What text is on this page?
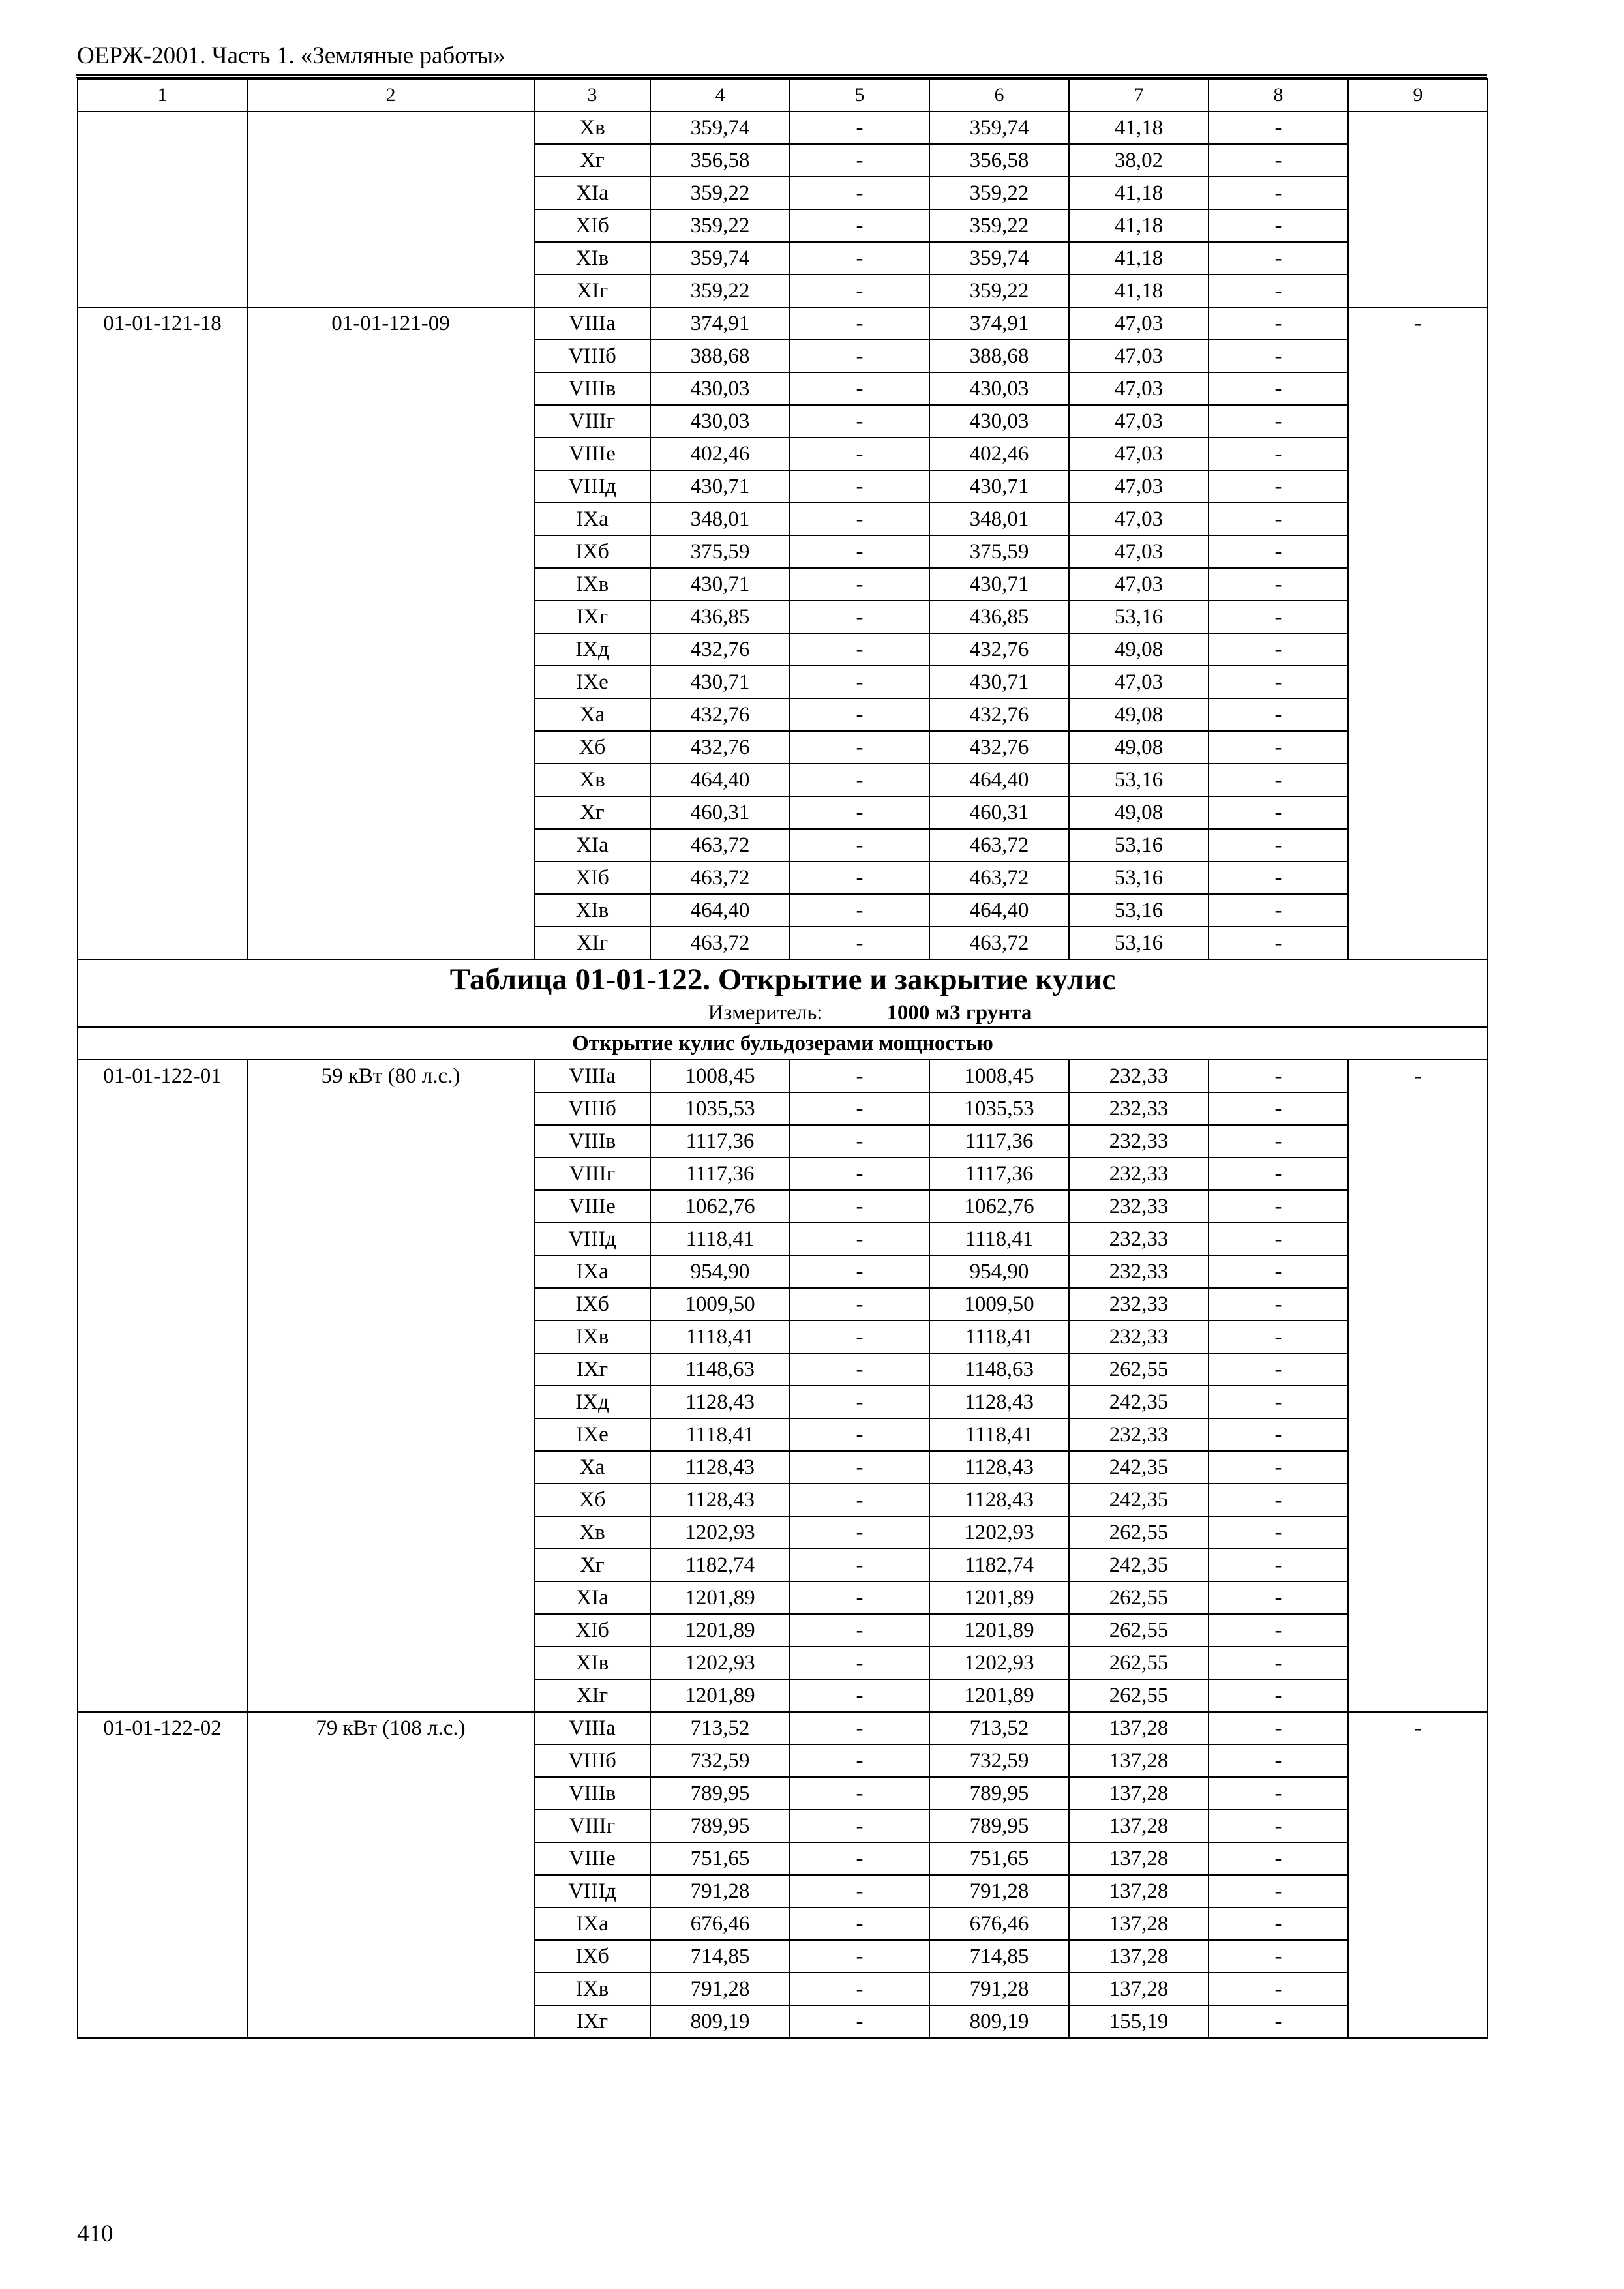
ОЕРЖ-2001. Часть 1. «Земляные работы»
1	2	3	4	5	6	7	8	9
		Xв	359,74	-	359,74	41,18	-	
		Xг	356,58	-	356,58	38,02	-	
		XIa	359,22	-	359,22	41,18	-	
		XIб	359,22	-	359,22	41,18	-	
		XIв	359,74	-	359,74	41,18	-	
		XIг	359,22	-	359,22	41,18	-	
01-01-121-18	01-01-121-09	VIIIa	374,91	-	374,91	47,03	-	-
		VIIIб	388,68	-	388,68	47,03	-	
		VIIIв	430,03	-	430,03	47,03	-	
		VIIIг	430,03	-	430,03	47,03	-	
		VIIIе	402,46	-	402,46	47,03	-	
		VIIIд	430,71	-	430,71	47,03	-	
		IXa	348,01	-	348,01	47,03	-	
		IXб	375,59	-	375,59	47,03	-	
		IXв	430,71	-	430,71	47,03	-	
		IXг	436,85	-	436,85	53,16	-	
		IXд	432,76	-	432,76	49,08	-	
		IXе	430,71	-	430,71	47,03	-	
		Xa	432,76	-	432,76	49,08	-	
		Xб	432,76	-	432,76	49,08	-	
		Xв	464,40	-	464,40	53,16	-	
		Xг	460,31	-	460,31	49,08	-	
		XIa	463,72	-	463,72	53,16	-	
		XIб	463,72	-	463,72	53,16	-	
		XIв	464,40	-	464,40	53,16	-	
		XIг	463,72	-	463,72	53,16	-	

Таблица 01-01-122. Открытие и закрытие кулис
Измеритель: 1000 м3 грунта								

Открытие кулис бульдозерами мощностью								
01-01-122-01	59 кВт (80 л.с.)	VIIIa	1008,45	-	1008,45	232,33	-	-
		VIIIб	1035,53	-	1035,53	232,33	-	
		VIIIв	1117,36	-	1117,36	232,33	-	
		VIIIг	1117,36	-	1117,36	232,33	-	
		VIIIе	1062,76	-	1062,76	232,33	-	
		VIIIд	1118,41	-	1118,41	232,33	-	
		IXa	954,90	-	954,90	232,33	-	
		IXб	1009,50	-	1009,50	232,33	-	
		IXв	1118,41	-	1118,41	232,33	-	
		IXг	1148,63	-	1148,63	262,55	-	
		IXд	1128,43	-	1128,43	242,35	-	
		IXе	1118,41	-	1118,41	232,33	-	
		Xa	1128,43	-	1128,43	242,35	-	
		Xб	1128,43	-	1128,43	242,35	-	
		Xв	1202,93	-	1202,93	262,55	-	
		Xг	1182,74	-	1182,74	242,35	-	
		XIa	1201,89	-	1201,89	262,55	-	
		XIб	1201,89	-	1201,89	262,55	-	
		XIв	1202,93	-	1202,93	262,55	-	
		XIг	1201,89	-	1201,89	262,55	-	
01-01-122-02	79 кВт (108 л.с.)	VIIIa	713,52	-	713,52	137,28	-	-
		VIIIб	732,59	-	732,59	137,28	-	
		VIIIв	789,95	-	789,95	137,28	-	
		VIIIг	789,95	-	789,95	137,28	-	
		VIIIе	751,65	-	751,65	137,28	-	
		VIIIд	791,28	-	791,28	137,28	-	
		IXa	676,46	-	676,46	137,28	-	
		IXб	714,85	-	714,85	137,28	-	
		IXв	791,28	-	791,28	137,28	-	
		IXг	809,19	-	809,19	155,19	-	
410
